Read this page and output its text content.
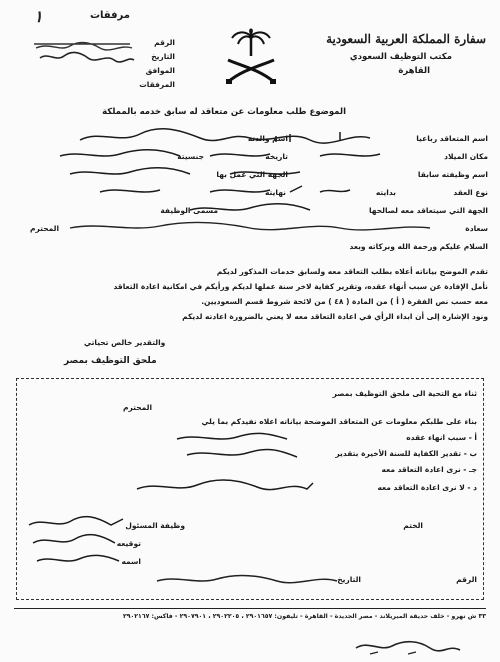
١	مرفقات
الرقم
التاريخ
الموافق
المرفقات
سفارة المملكة العربية السعودية
مكتب التوظيف السعودي
القاهرة
الموضوع طلب معلومات عن متعاقد له سابق خدمه بالمملكة
اسم المتعاقد رباعيا
اسم والدته
مكان الميلاد
تاريخه
جنسيته
اسم وظيفته سابقا
الجهة التي عمل بها
نوع العقد
بدايته
نهايته
الجهة التي سيتعاقد معه لصالحها
مسمى الوظيفة
سعادة
المحترم
السلام عليكم ورحمة الله وبركاته وبعد
تقدم الموضح بياناته أعلاه بطلب التعاقد معه ولسابق خدمات المذكور لديكم
نأمل الإفادة عن سبب أنهاء عقده، وتقرير كفاية لاخر سنة عملها لديكم ورأيكم في امكانية اعادة التعاقد
معه حسب نص الفقرة ( أ ) من المادة ( ٤٨ ) من لائحة شروط قسم السعوديين.
ونود الإشارة إلى أن ابداء الرأي في اعادة التعاقد معه لا يعني بالضرورة اعادته لديكم
والتقدير خالص تحياتي
ملحق التوظيف بمصر
ثناء مع التحية الى ملحق التوظيف بمصر
المحترم
بناء على طلبكم معلومات عن المتعاقد الموضحة بياناته اعلاه نفيدكم بما يلي
أ - سبب انهاء عقده
ب - تقدير الكفاية للسنة الأخيرة بتقدير
جـ - نرى اعادة التعاقد معه
د - لا نرى اعادة التعاقد معه
وظيفة المسئول
توقيعه
اسمه
الختم
الرقم
التاريخ
٣٣ ش نهرو - خلف حديقة الميريلاند - مصر الجديدة - القاهرة - تليفون: ٢٩٠١٦٥٧ ، ٢٩٠٢٢٠٥ ، ٢٩٠٧٩٠١ - فاكس: ٢٩٠٢١٦٧
